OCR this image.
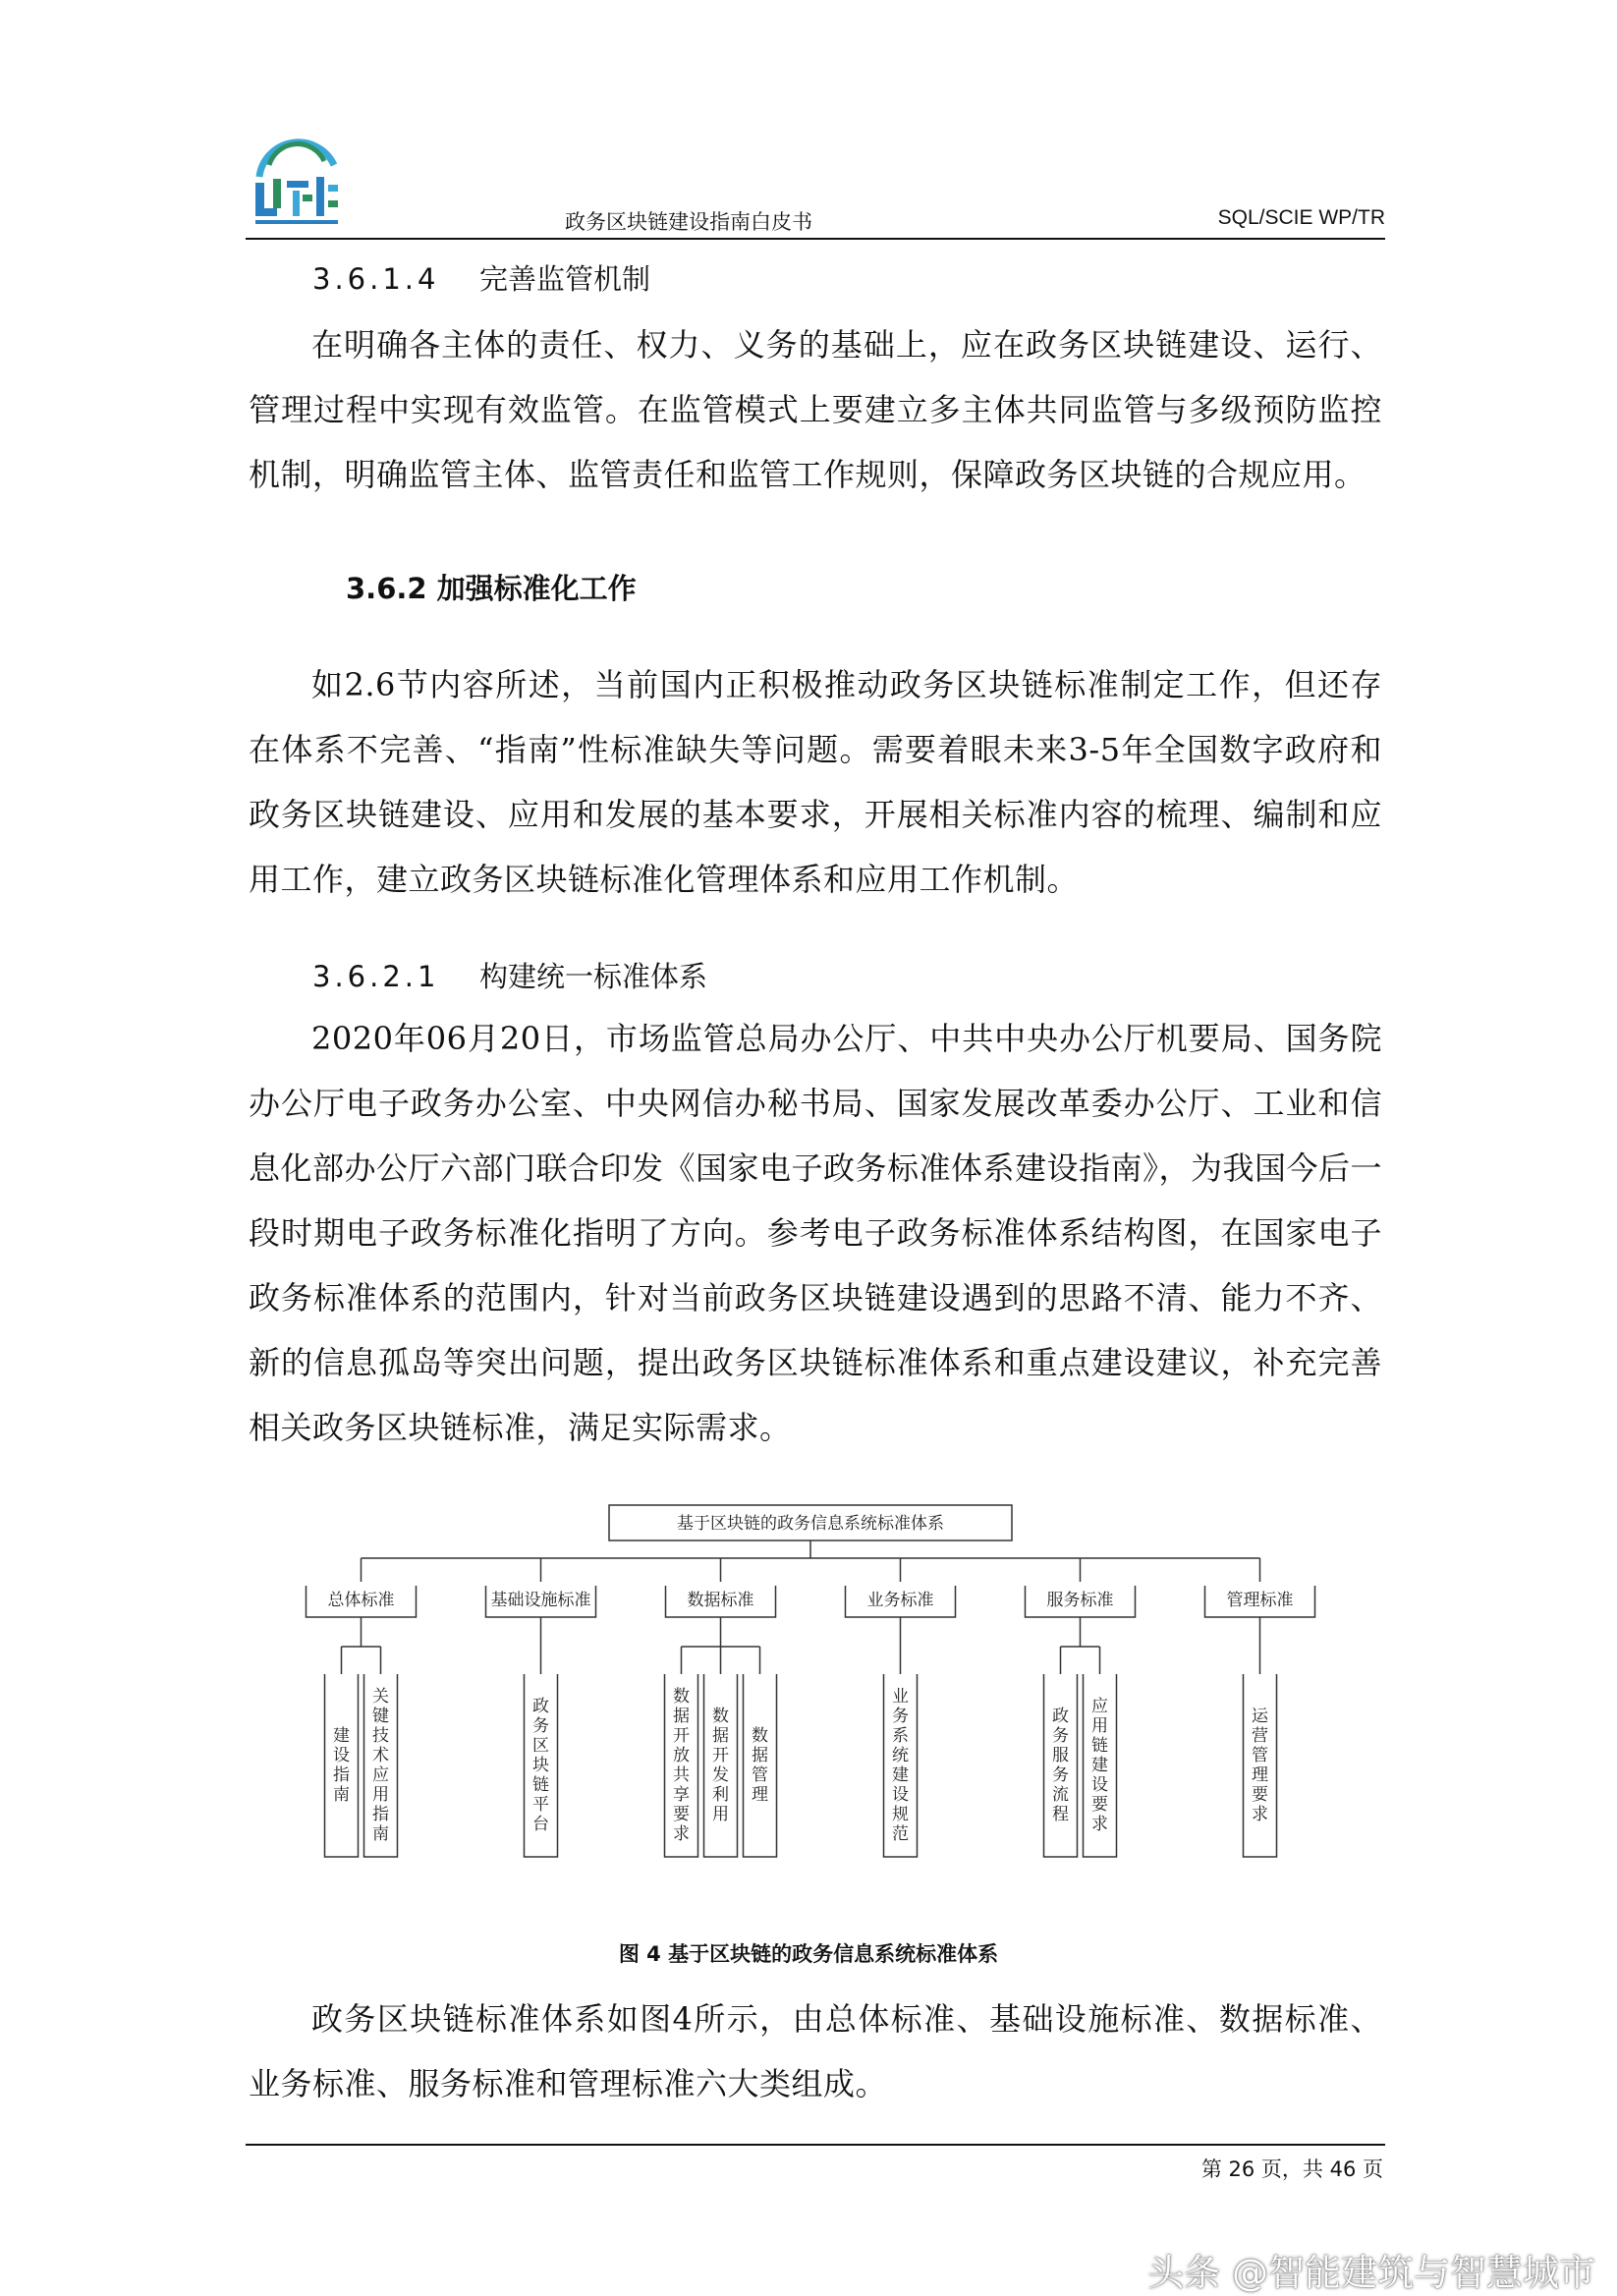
政务区块链建设指南白皮书	SQL/SCIE WP/TR
3.6.1.4 完善监管机制

在明确各主体的责任、权力、义务的基础上，应在政务区块链建设、运行、管理过程中实现有效监管。在监管模式上要建立多主体共同监管与多级预防监控机制，明确监管主体、监管责任和监管工作规则，保障政务区块链的合规应用。

3.6.2 加强标准化工作

如2.6节内容所述，当前国内正积极推动政务区块链标准制定工作，但还存在体系不完善、“指南”性标准缺失等问题。需要着眼未来3-5年全国数字政府和政务区块链建设、应用和发展的基本要求，开展相关标准内容的梳理、编制和应用工作，建立政务区块链标准化管理体系和应用工作机制。

3.6.2.1 构建统一标准体系

2020年06月20日，市场监管总局办公厅、中共中央办公厅机要局、国务院办公厅电子政务办公室、中央网信办秘书局、国家发展改革委办公厅、工业和信息化部办公厅六部门联合印发《国家电子政务标准体系建设指南》，为我国今后一段时期电子政务标准化指明了方向。参考电子政务标准体系结构图，在国家电子政务标准体系的范围内，针对当前政务区块链建设遇到的思路不清、能力不齐、新的信息孤岛等突出问题，提出政务区块链标准体系和重点建设建议，补充完善相关政务区块链标准，满足实际需求。

基于区块链的政务信息系统标准体系
总体标准
建设指南
关键技术应用指南
基础设施标准
政务区块链平台
数据标准
数据开放共享要求
数据开发利用
数据管理
业务标准
业务系统建设规范
服务标准
政务服务流程
应用链建设要求
管理标准
运营管理要求
图 4 基于区块链的政务信息系统标准体系

政务区块链标准体系如图4所示，由总体标准、基础设施标准、数据标准、业务标准、服务标准和管理标准六大类组成。

第 26 页，共 46 页
头条 @智能建筑与智慧城市
